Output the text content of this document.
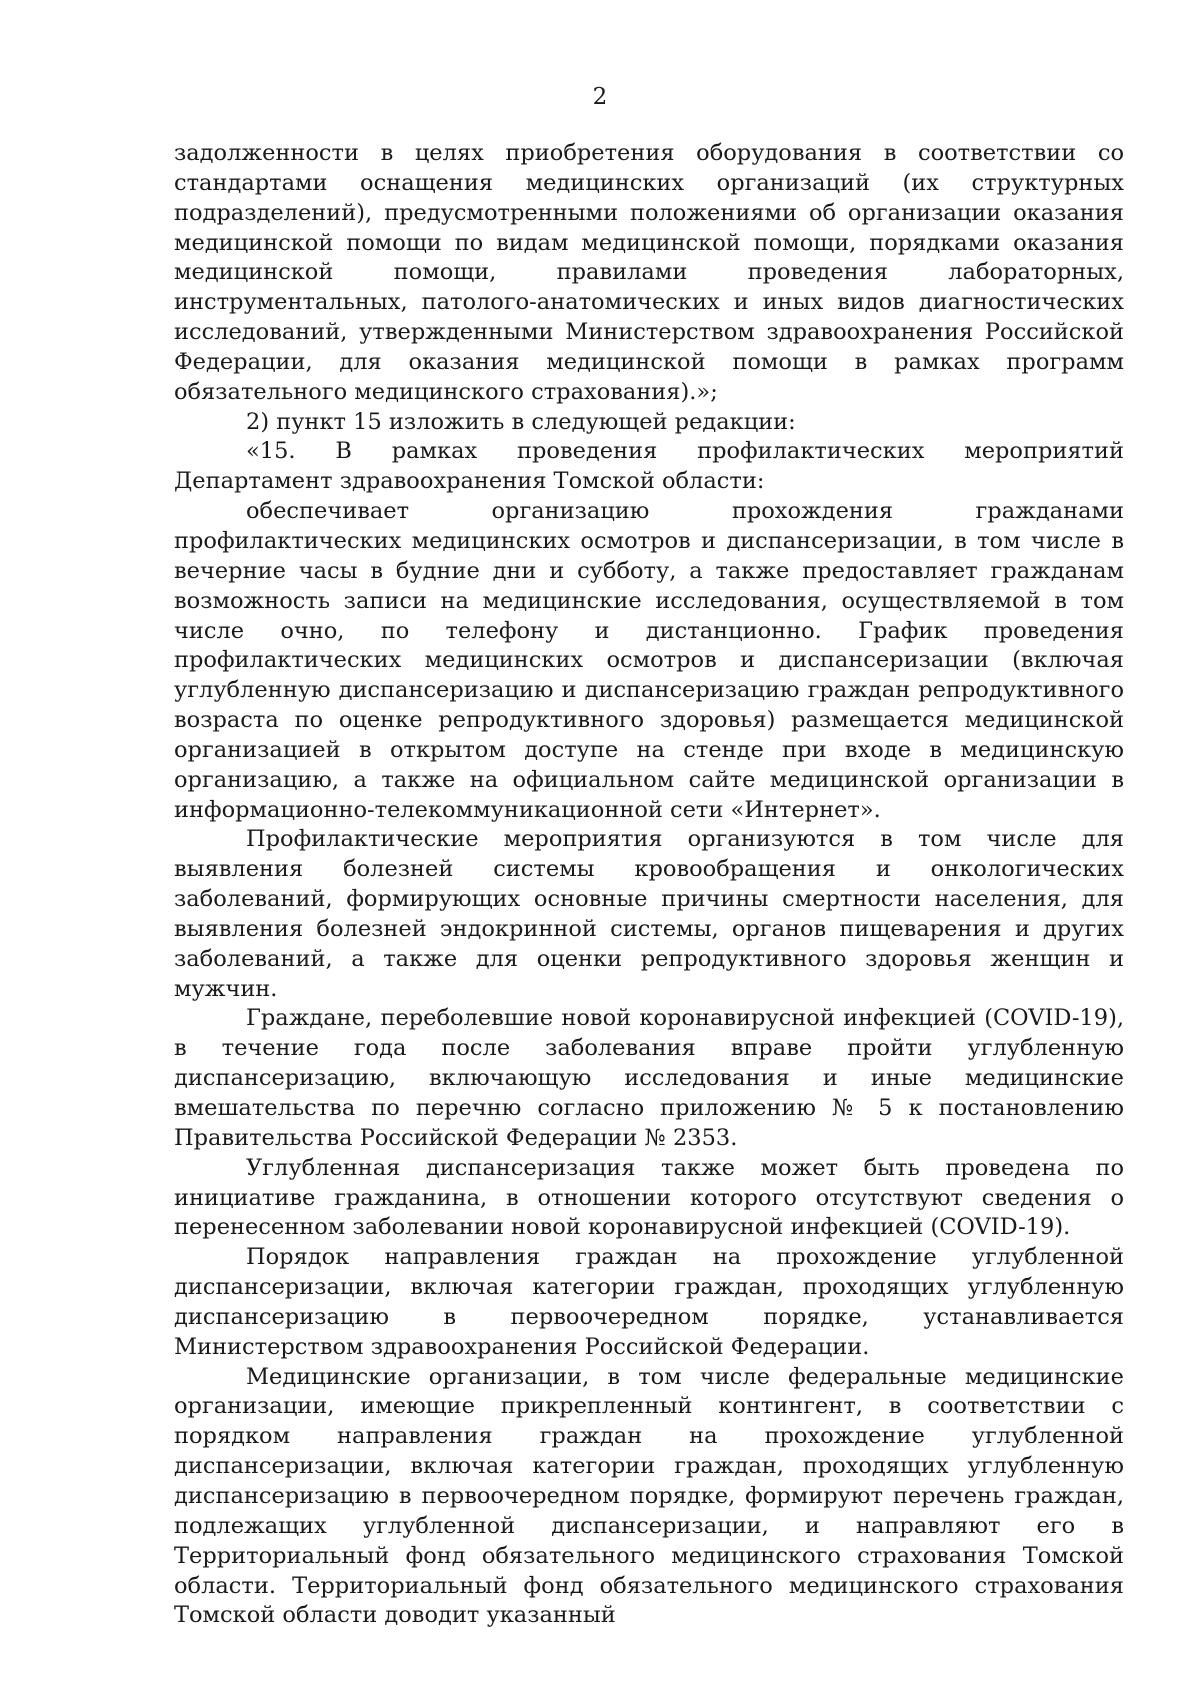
2

задолженности в целях приобретения оборудования в соответствии со стандартами оснащения медицинских организаций (их структурных подразделений), предусмотренными положениями об организации оказания медицинской помощи по видам медицинской помощи, порядками оказания медицинской помощи, правилами проведения лабораторных, инструментальных, патолого-анатомических и иных видов диагностических исследований, утвержденными Министерством здравоохранения Российской Федерации, для оказания медицинской помощи в рамках программ обязательного медицинского страхования).»;

2) пункт 15 изложить в следующей редакции:

«15. В рамках проведения профилактических мероприятий Департамент здравоохранения Томской области:

обеспечивает организацию прохождения гражданами профилактических медицинских осмотров и диспансеризации, в том числе в вечерние часы в будние дни и субботу, а также предоставляет гражданам возможность записи на медицинские исследования, осуществляемой в том числе очно, по телефону и дистанционно. График проведения профилактических медицинских осмотров и диспансеризации (включая углубленную диспансеризацию и диспансеризацию граждан репродуктивного возраста по оценке репродуктивного здоровья) размещается медицинской организацией в открытом доступе на стенде при входе в медицинскую организацию, а также на официальном сайте медицинской организации в информационно-телекоммуникационной сети «Интернет».

Профилактические мероприятия организуются в том числе для выявления болезней системы кровообращения и онкологических заболеваний, формирующих основные причины смертности населения, для выявления болезней эндокринной системы, органов пищеварения и других заболеваний, а также для оценки репродуктивного здоровья женщин и мужчин.

Граждане, переболевшие новой коронавирусной инфекцией (COVID-19), в течение года после заболевания вправе пройти углубленную диспансеризацию, включающую исследования и иные медицинские вмешательства по перечню согласно приложению № 5 к постановлению Правительства Российской Федерации № 2353.

Углубленная диспансеризация также может быть проведена по инициативе гражданина, в отношении которого отсутствуют сведения о перенесенном заболевании новой коронавирусной инфекцией (COVID-19).

Порядок направления граждан на прохождение углубленной диспансеризации, включая категории граждан, проходящих углубленную диспансеризацию в первоочередном порядке, устанавливается Министерством здравоохранения Российской Федерации.

Медицинские организации, в том числе федеральные медицинские организации, имеющие прикрепленный контингент, в соответствии с порядком направления граждан на прохождение углубленной диспансеризации, включая категории граждан, проходящих углубленную диспансеризацию в первоочередном порядке, формируют перечень граждан, подлежащих углубленной диспансеризации, и направляют его в Территориальный фонд обязательного медицинского страхования Томской области. Территориальный фонд обязательного медицинского страхования Томской области доводит указанный
